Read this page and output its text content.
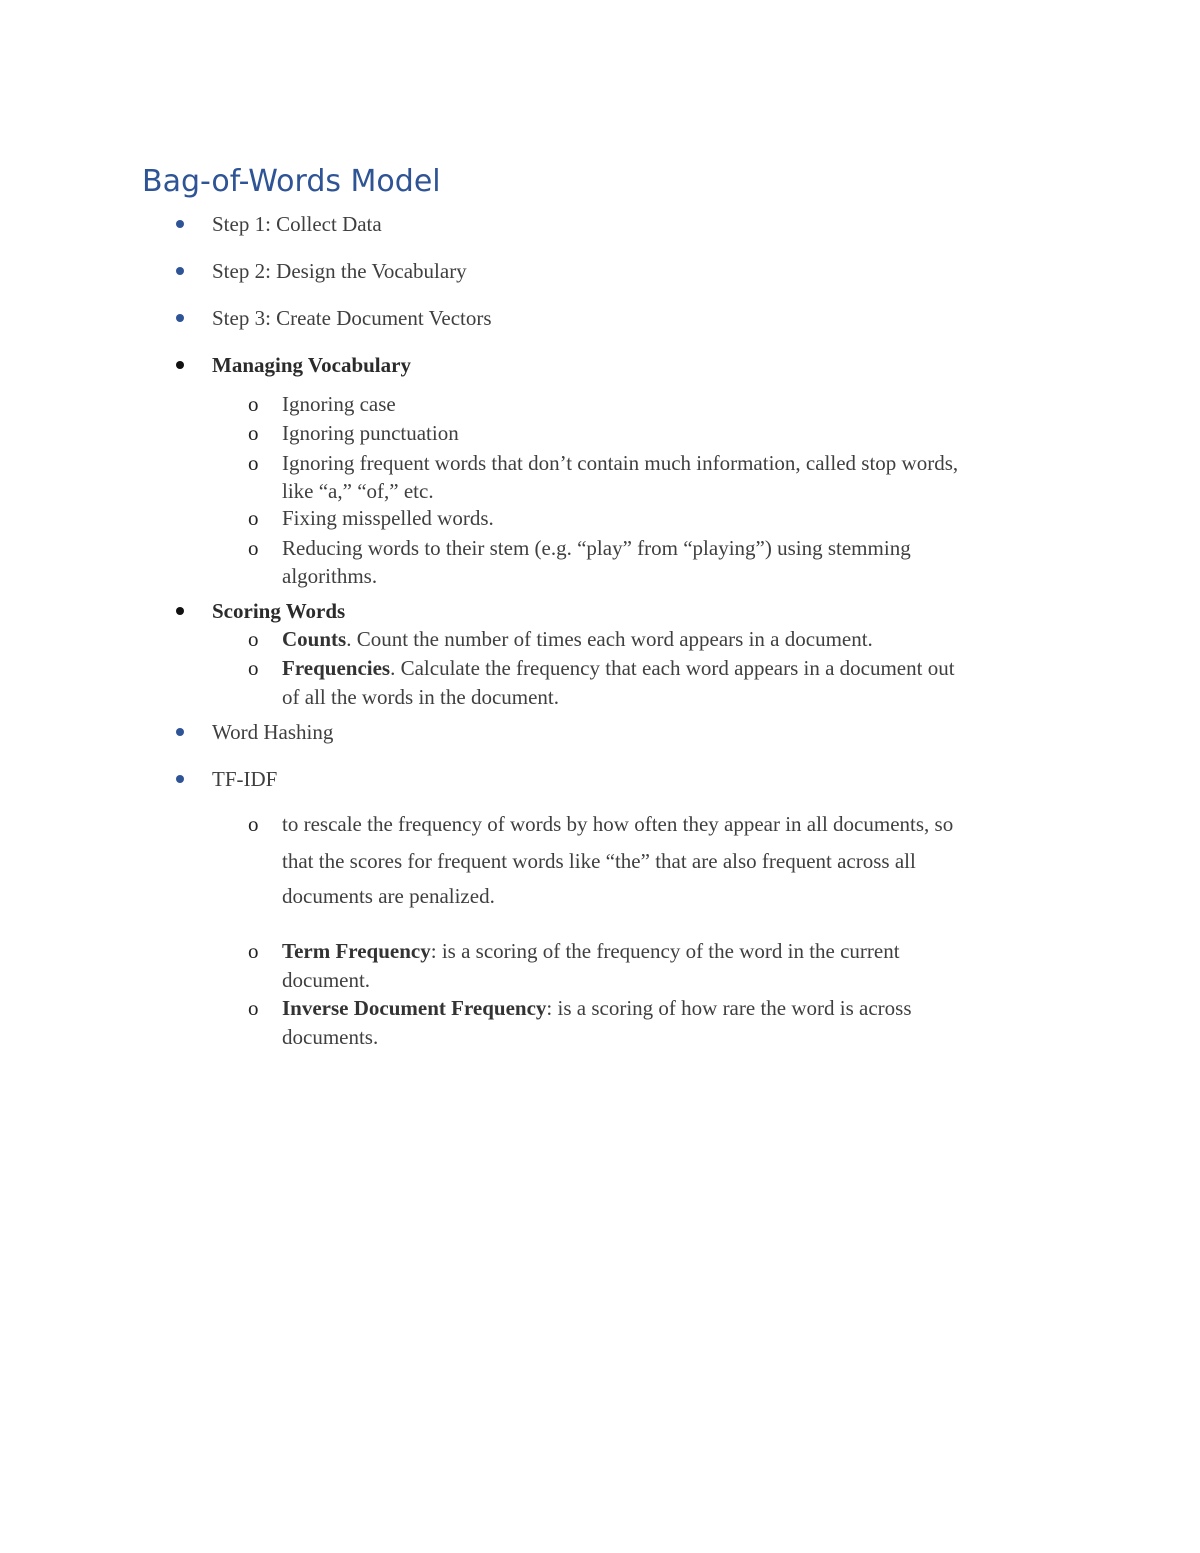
Bag-of-Words Model
Step 1: Collect Data
Step 2: Design the Vocabulary
Step 3: Create Document Vectors
Managing Vocabulary
o Ignoring case
o Ignoring punctuation
o Ignoring frequent words that don’t contain much information, called stop words,
like “a,” “of,” etc.
o Fixing misspelled words.
o Reducing words to their stem (e.g. “play” from “playing”) using stemming
algorithms.
Scoring Words
o Counts. Count the number of times each word appears in a document.
o Frequencies. Calculate the frequency that each word appears in a document out
of all the words in the document.
Word Hashing
TF-IDF
o to rescale the frequency of words by how often they appear in all documents, so
that the scores for frequent words like “the” that are also frequent across all
documents are penalized.
o Term Frequency: is a scoring of the frequency of the word in the current
document.
o Inverse Document Frequency: is a scoring of how rare the word is across
documents.
